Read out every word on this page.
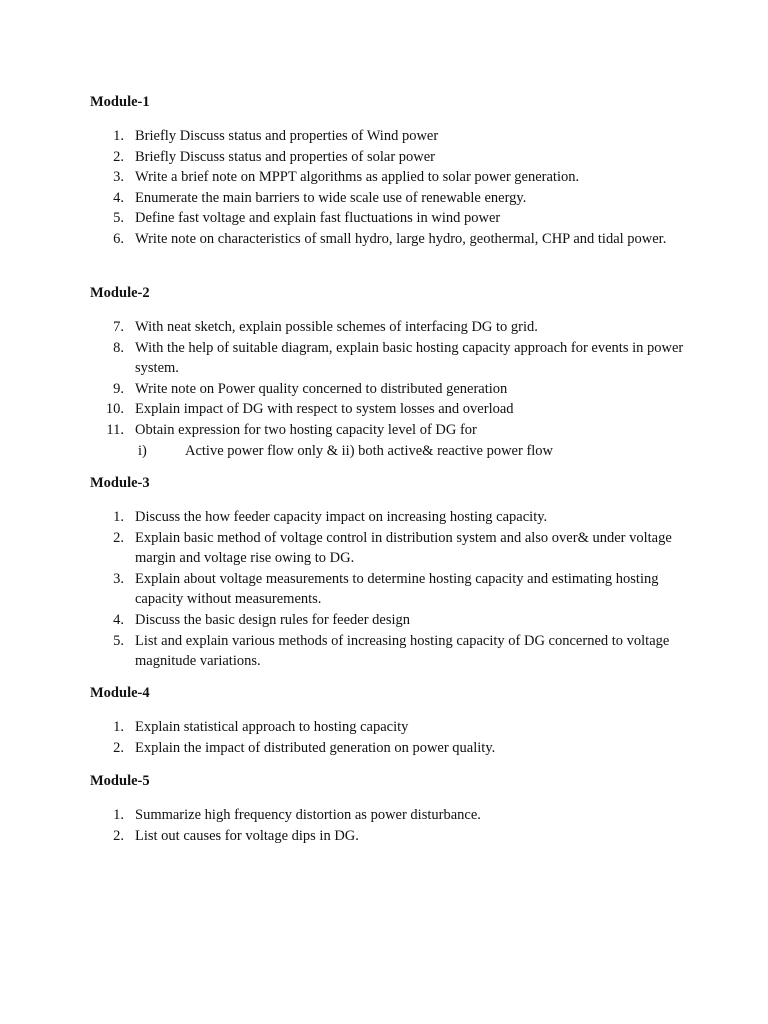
Module-1
1. Briefly Discuss status and properties of Wind power
2. Briefly Discuss status and properties of solar power
3. Write a brief note on MPPT algorithms as applied to solar power generation.
4. Enumerate the main barriers to wide scale use of renewable energy.
5. Define fast voltage and explain fast fluctuations in wind power
6. Write note on characteristics of small hydro, large hydro, geothermal, CHP and tidal power.
Module-2
7. With neat sketch, explain possible schemes of interfacing DG to grid.
8. With the help of suitable diagram, explain basic hosting capacity approach for events in power system.
9. Write note on Power quality concerned to distributed generation
10. Explain impact of DG with respect to system losses and overload
11. Obtain expression for two hosting capacity level of DG for
i)	Active power flow only & ii) both active& reactive power flow
Module-3
1. Discuss the how feeder capacity impact on increasing hosting capacity.
2. Explain basic method of voltage control in distribution system and also over& under voltage margin and voltage rise owing to DG.
3. Explain about voltage measurements to determine hosting capacity and estimating hosting capacity without measurements.
4. Discuss the basic design rules for feeder design
5. List and explain various methods of increasing hosting capacity of DG concerned to voltage magnitude variations.
Module-4
1. Explain statistical approach to hosting capacity
2. Explain the impact of distributed generation on power quality.
Module-5
1. Summarize high frequency distortion as power disturbance.
2. List out causes for voltage dips in DG.
